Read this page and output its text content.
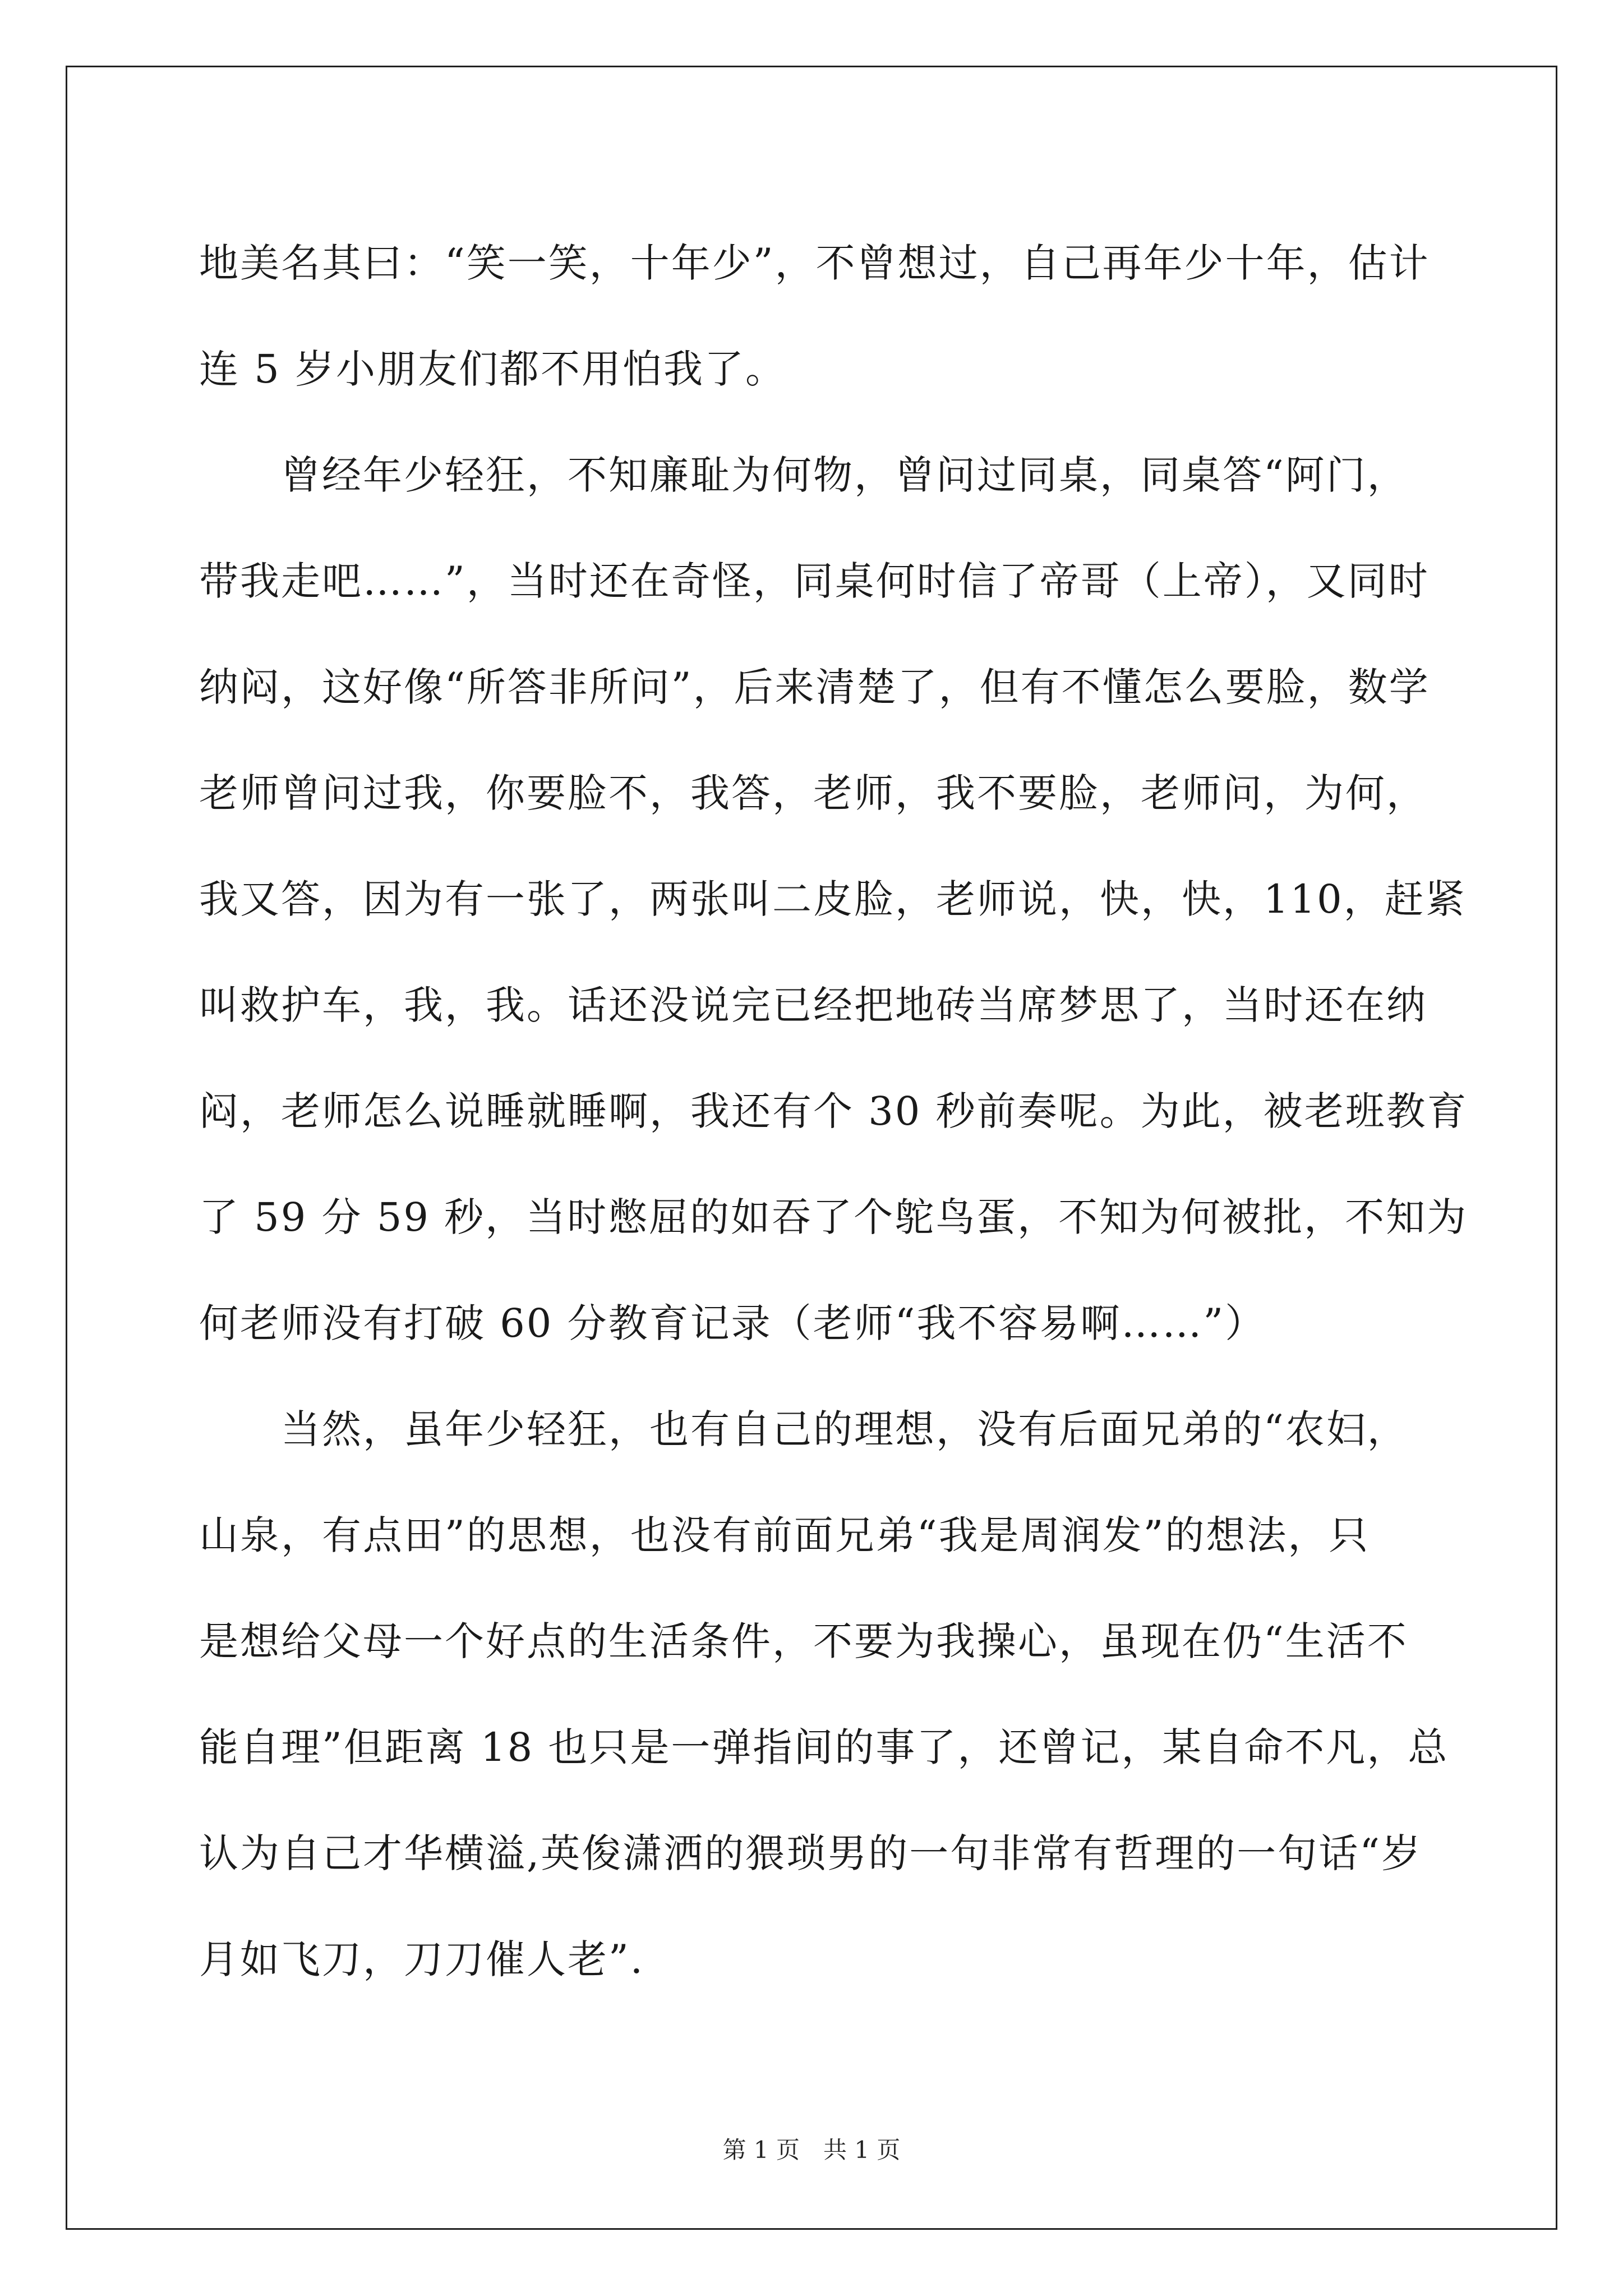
地美名其曰：“笑一笑，十年少”，不曾想过，自己再年少十年，估计
连 5 岁小朋友们都不用怕我了。
　　曾经年少轻狂，不知廉耻为何物，曾问过同桌，同桌答“阿门，
带我走吧……”，当时还在奇怪，同桌何时信了帝哥（上帝），又同时
纳闷，这好像“所答非所问”，后来清楚了，但有不懂怎么要脸，数学
老师曾问过我，你要脸不，我答，老师，我不要脸，老师问，为何，
我又答，因为有一张了，两张叫二皮脸，老师说，快，快，110，赶紧
叫救护车，我，我。话还没说完已经把地砖当席梦思了，当时还在纳
闷，老师怎么说睡就睡啊，我还有个 30 秒前奏呢。为此，被老班教育
了 59 分 59 秒，当时憋屈的如吞了个鸵鸟蛋，不知为何被批，不知为
何老师没有打破 60 分教育记录（老师“我不容易啊……”）
　　当然，虽年少轻狂，也有自己的理想，没有后面兄弟的“农妇，
山泉，有点田”的思想，也没有前面兄弟“我是周润发”的想法，只
是想给父母一个好点的生活条件，不要为我操心，虽现在仍“生活不
能自理”但距离 18 也只是一弹指间的事了，还曾记，某自命不凡，总
认为自己才华横溢,英俊潇洒的猥琐男的一句非常有哲理的一句话“岁
月如飞刀，刀刀催人老”.
第 1 页　共 1 页
